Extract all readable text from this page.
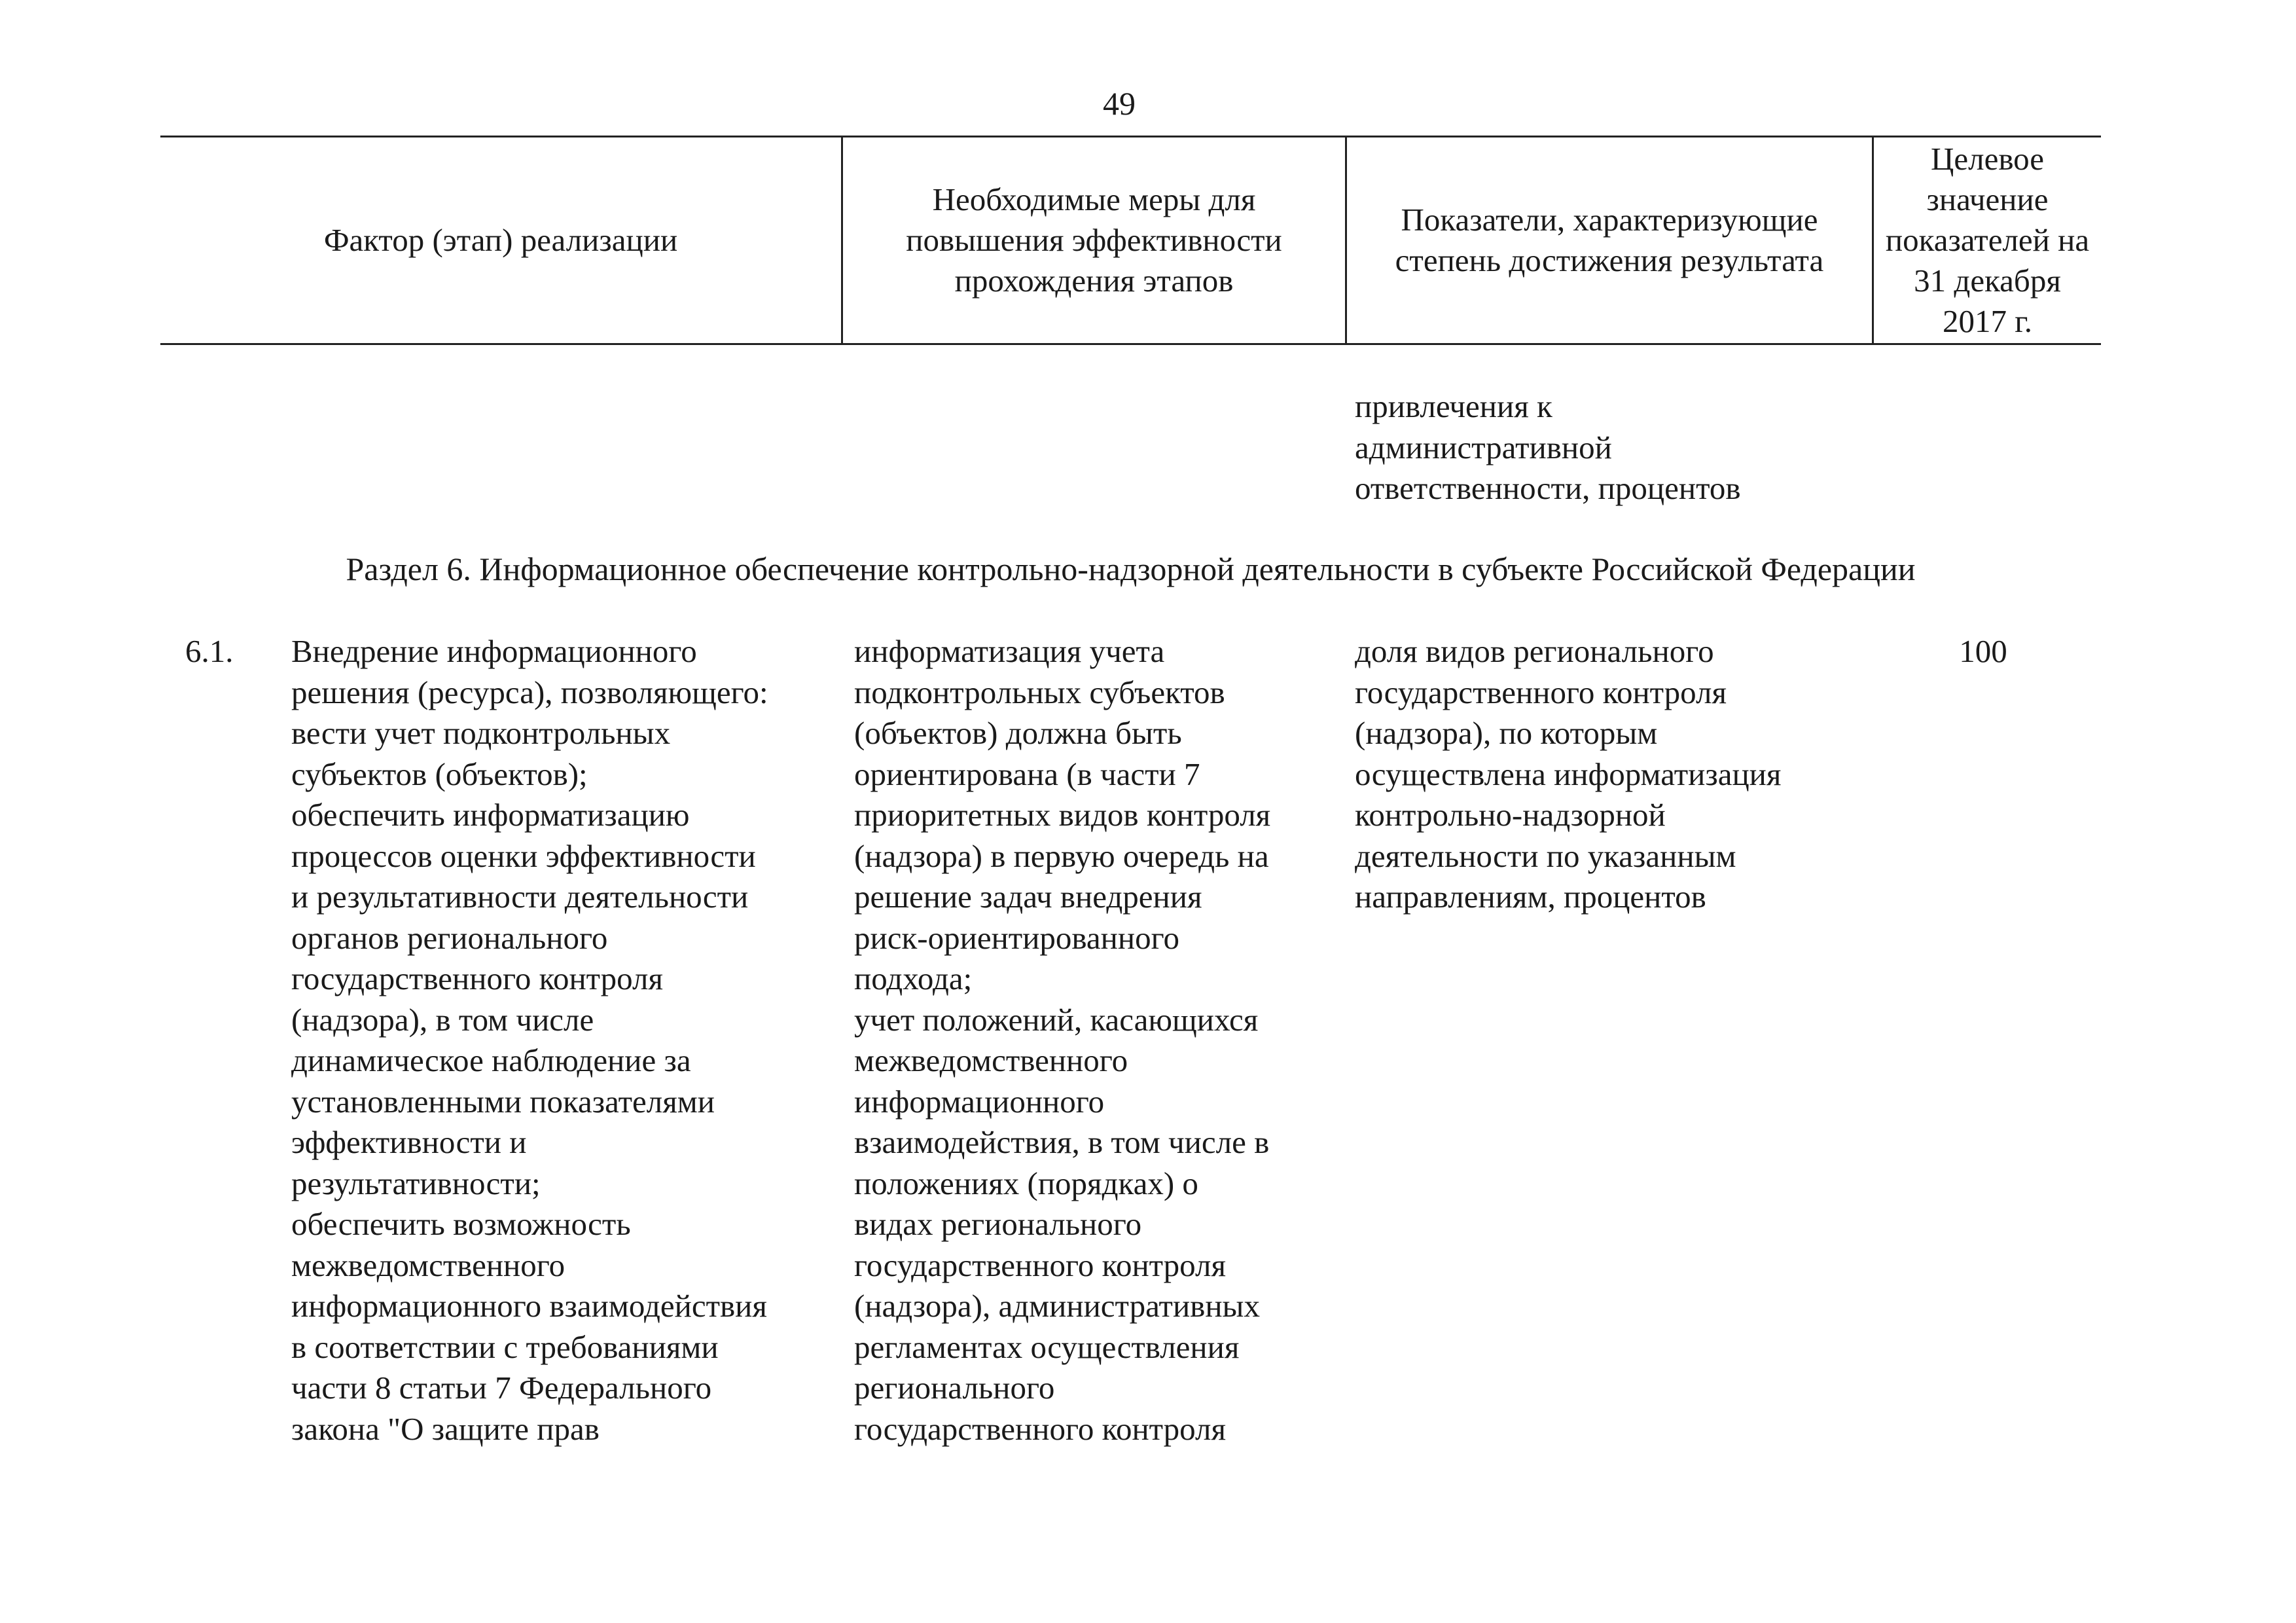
49
Фактор (этап) реализации
Необходимые меры для повышения эффективности прохождения этапов
Показатели, характеризующие степень достижения результата
Целевое значение показателей на 31 декабря 2017 г.
привлечения к
административной
ответственности, процентов
Раздел 6. Информационное обеспечение контрольно-надзорной деятельности в субъекте Российской Федерации
6.1.	Внедрение информационного
решения (ресурса), позволяющего:
вести учет подконтрольных
субъектов (объектов);
обеспечить информатизацию
процессов оценки эффективности
и результативности деятельности
органов регионального
государственного контроля
(надзора), в том числе
динамическое наблюдение за
установленными показателями
эффективности и
результативности;
обеспечить возможность
межведомственного
информационного взаимодействия
в соответствии с требованиями
части 8 статьи 7 Федерального
закона "О защите прав
информатизация учета
подконтрольных субъектов
(объектов) должна быть
ориентирована (в части 7
приоритетных видов контроля
(надзора) в первую очередь на
решение задач внедрения
риск-ориентированного
подхода;
учет положений, касающихся
межведомственного
информационного
взаимодействия, в том числе в
положениях (порядках) о
видах регионального
государственного контроля
(надзора), административных
регламентах осуществления
регионального
государственного контроля
доля видов регионального
государственного контроля
(надзора), по которым
осуществлена информатизация
контрольно-надзорной
деятельности по указанным
направлениям, процентов
100
